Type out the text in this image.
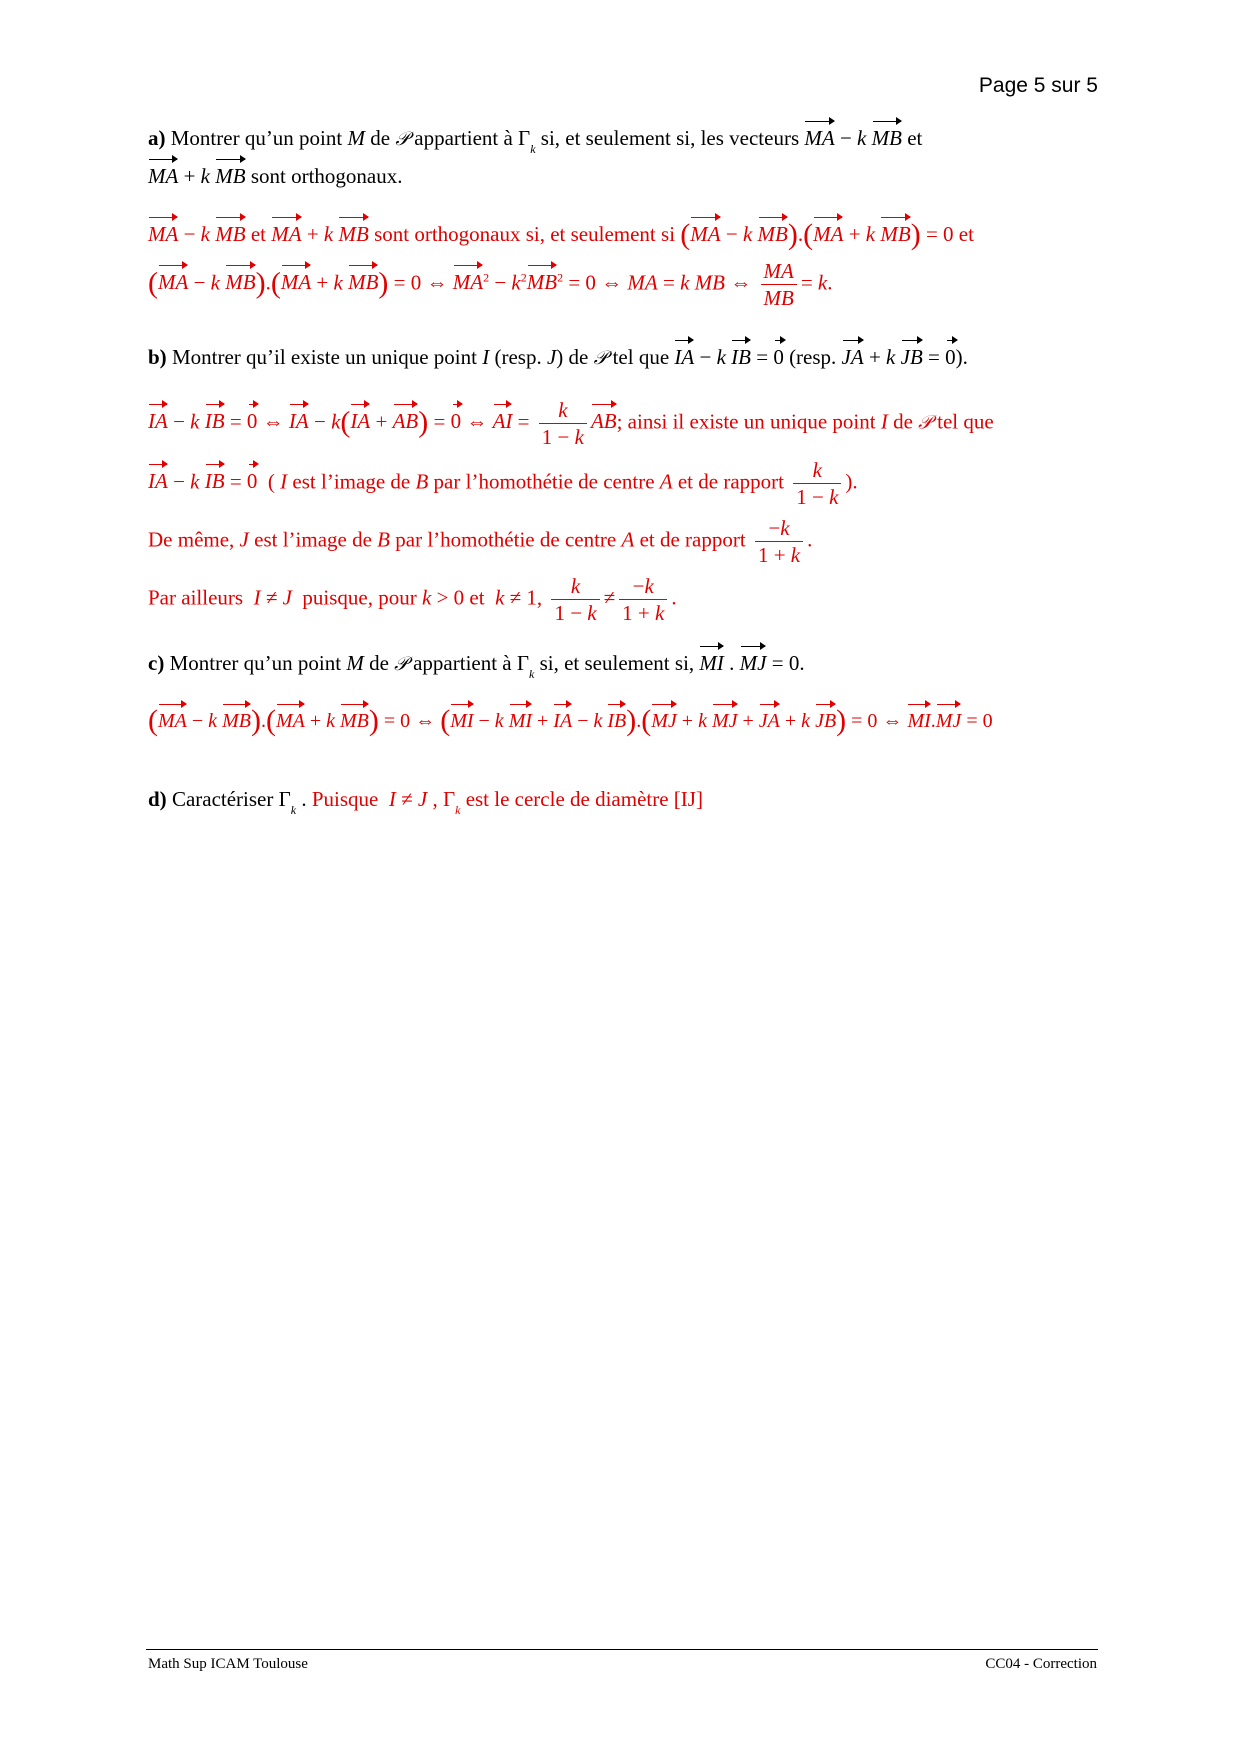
Page 5 sur 5
a) Montrer qu’un point M de 𝒫 appartient à $\Gamma_k$ si, et seulement si, les vecteurs MA − k MB et
MA + k MB sont orthogonaux.
MA − k MB et MA + k MB sont orthogonaux si, et seulement si (MA − k MB).(MA + k MB) = 0 et
(MA − k MB).(MA + k MB) = 0 ⇔ $MA^2 - k^2MB^2 = 0$ ⇔ MA = k MB ⇔ $\frac{MA}{MB} = k$.
b) Montrer qu’il existe un unique point I (resp. J) de 𝒫 tel que IA − k IB = 0 (resp. JA + k JB = 0).
IA − k IB = 0 ⇔ IA − k(IA + AB) = 0 ⇔ AI = $\frac{k}{1 - k}$ AB; ainsi il existe un unique point I de 𝒫 tel que
IA − k IB = 0  ( I est l’image de B par l’homothétie de centre A et de rapport $\frac{k}{1 - k}$ ).
De même, J est l’image de B par l’homothétie de centre A et de rapport $\frac{-k}{1 + k}$ .
Par ailleurs I ≠ J puisque, pour k > 0 et k ≠ 1, $\frac{k}{1 - k} \ne \frac{-k}{1 + k}$ .
c) Montrer qu’un point M de 𝒫 appartient à $\Gamma_k$ si, et seulement si, MI . MJ = 0.
(MA − k MB).(MA + k MB) = 0 ⇔ (MI − k MI + IA − k IB).(MJ + k MJ + JA + k JB) = 0 ⇔ MI.MJ = 0
d) Caractériser $\Gamma_k$ . Puisque I ≠ J , $\Gamma_k$ est le cercle de diamètre [IJ]
Math Sup ICAM Toulouse	CC04 - Correction
